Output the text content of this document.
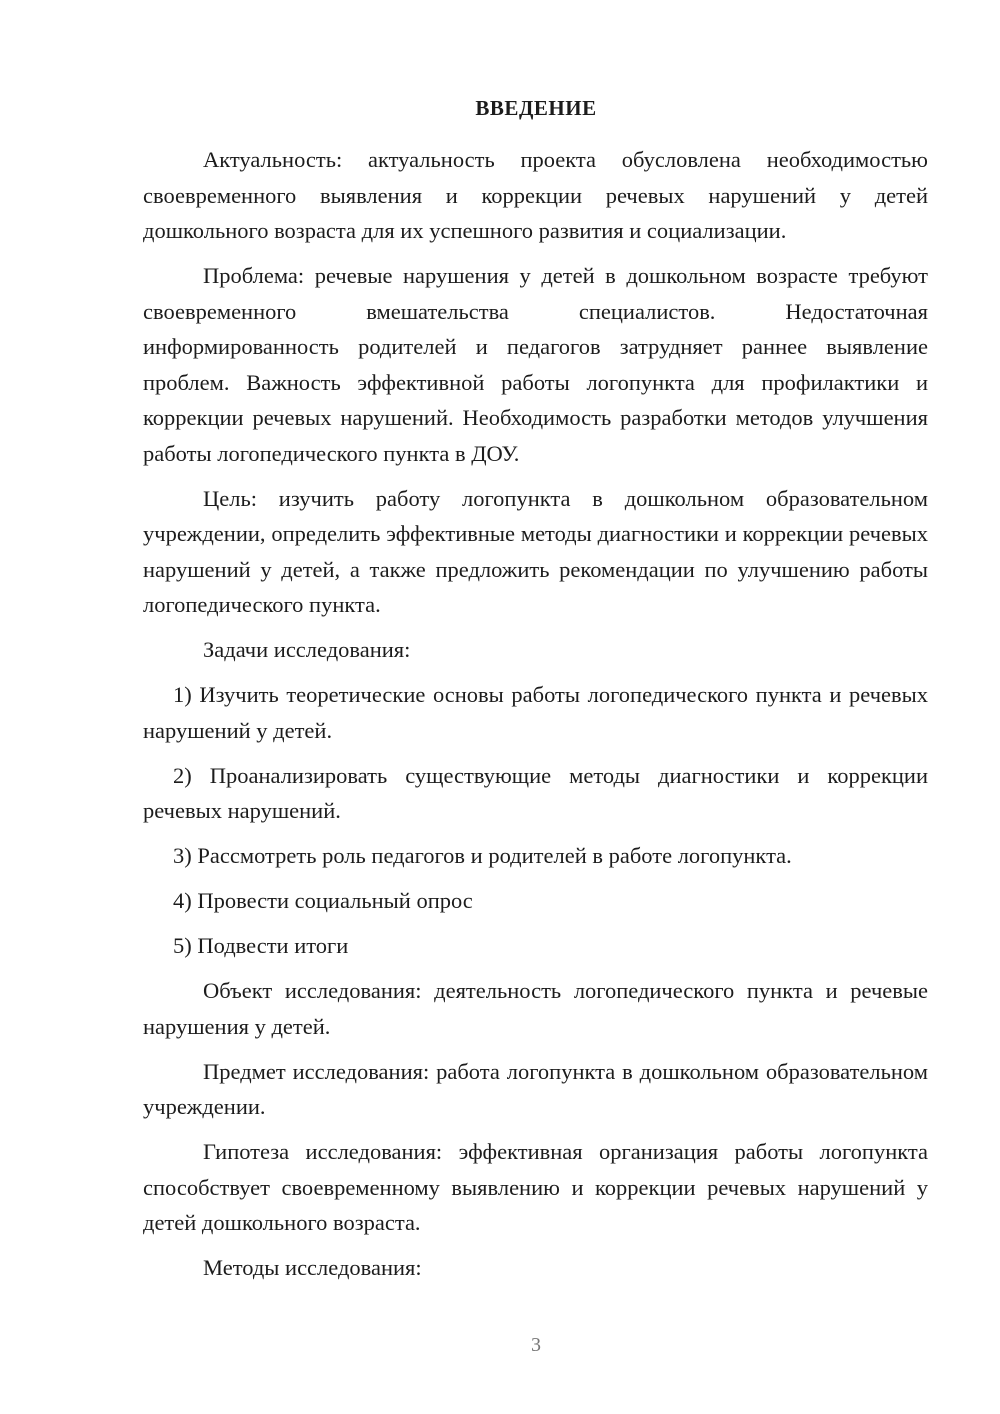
ВВЕДЕНИЕ

Актуальность: актуальность проекта обусловлена необходимостью своевременного выявления и коррекции речевых нарушений у детей дошкольного возраста для их успешного развития и социализации.

Проблема: речевые нарушения у детей в дошкольном возрасте требуют своевременного вмешательства специалистов. Недостаточная информированность родителей и педагогов затрудняет раннее выявление проблем. Важность эффективной работы логопункта для профилактики и коррекции речевых нарушений. Необходимость разработки методов улучшения работы логопедического пункта в ДОУ.

Цель: изучить работу логопункта в дошкольном образовательном учреждении, определить эффективные методы диагностики и коррекции речевых нарушений у детей, а также предложить рекомендации по улучшению работы логопедического пункта.

Задачи исследования:

1) Изучить теоретические основы работы логопедического пункта и речевых нарушений у детей.

2) Проанализировать существующие методы диагностики и коррекции речевых нарушений.

3) Рассмотреть роль педагогов и родителей в работе логопункта.

4) Провести социальный опрос

5) Подвести итоги

Объект исследования: деятельность логопедического пункта и речевые нарушения у детей.

Предмет исследования: работа логопункта в дошкольном образовательном учреждении.

Гипотеза исследования: эффективная организация работы логопункта способствует своевременному выявлению и коррекции речевых нарушений у детей дошкольного возраста.

Методы исследования:

3
